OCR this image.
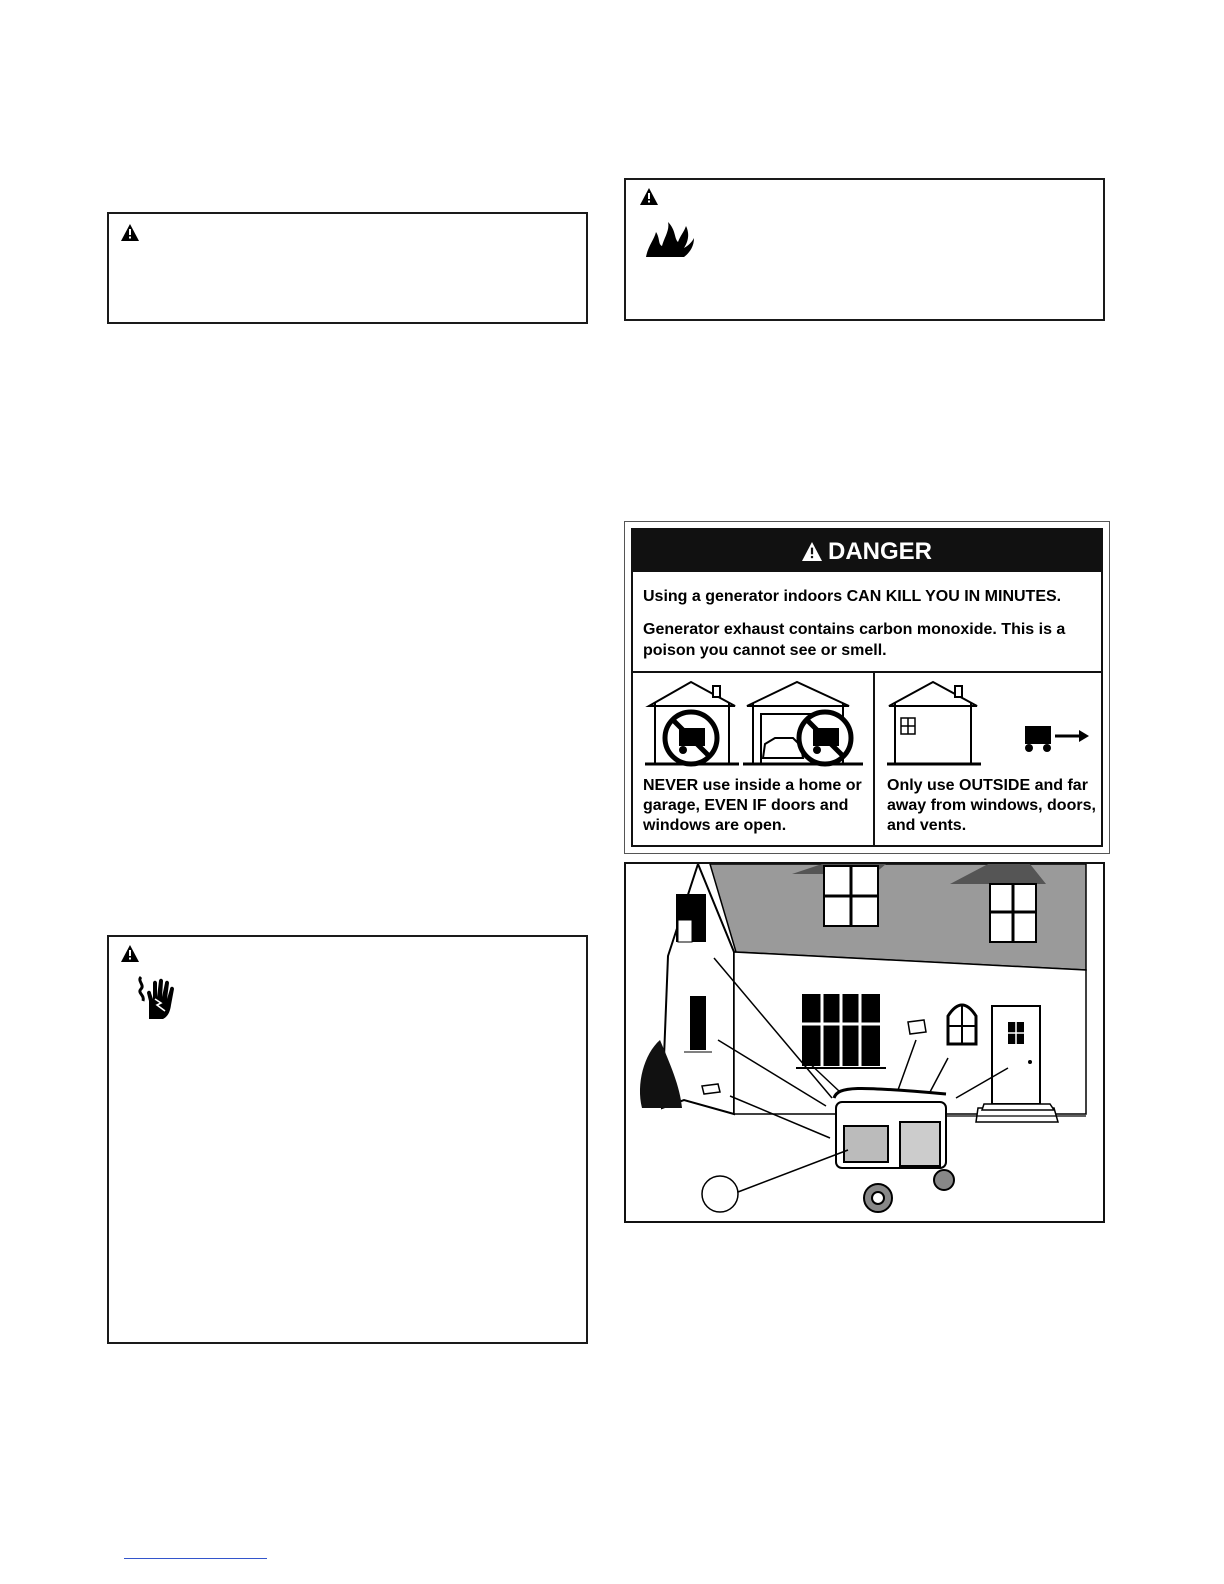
DANGER
Using a generator indoors CAN KILL YOU IN MINUTES.
Generator exhaust contains carbon monoxide. This is a poison you cannot see or smell.
NEVER use inside a home or garage, EVEN IF doors and windows are open.
Only use OUTSIDE and far away from windows, doors, and vents.
